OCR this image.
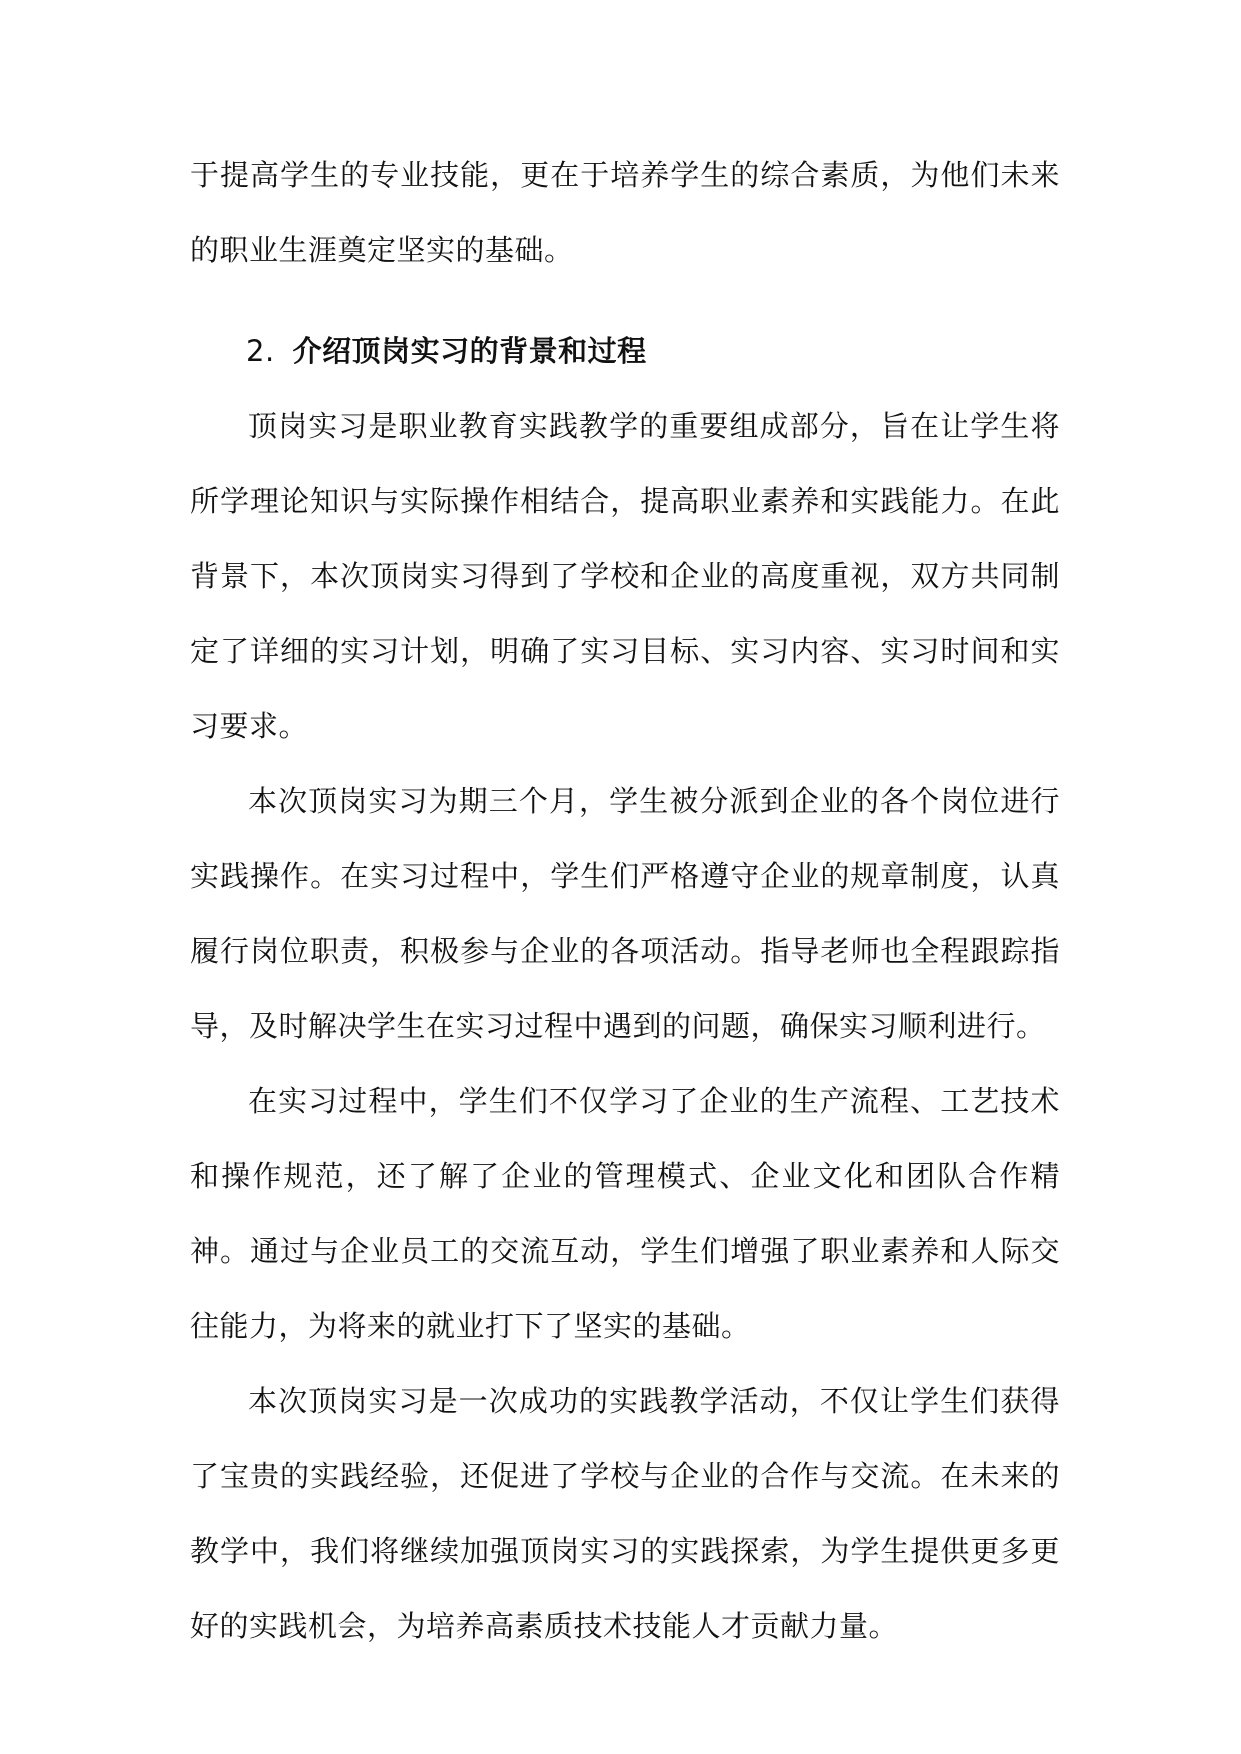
于提高学生的专业技能，更在于培养学生的综合素质，为他们未来的职业生涯奠定坚实的基础。

2. 介绍顶岗实习的背景和过程

顶岗实习是职业教育实践教学的重要组成部分，旨在让学生将所学理论知识与实际操作相结合，提高职业素养和实践能力。在此背景下，本次顶岗实习得到了学校和企业的高度重视，双方共同制定了详细的实习计划，明确了实习目标、实习内容、实习时间和实习要求。

本次顶岗实习为期三个月，学生被分派到企业的各个岗位进行实践操作。在实习过程中，学生们严格遵守企业的规章制度，认真履行岗位职责，积极参与企业的各项活动。指导老师也全程跟踪指导，及时解决学生在实习过程中遇到的问题，确保实习顺利进行。

在实习过程中，学生们不仅学习了企业的生产流程、工艺技术和操作规范，还了解了企业的管理模式、企业文化和团队合作精神。通过与企业员工的交流互动，学生们增强了职业素养和人际交往能力，为将来的就业打下了坚实的基础。

本次顶岗实习是一次成功的实践教学活动，不仅让学生们获得了宝贵的实践经验，还促进了学校与企业的合作与交流。在未来的教学中，我们将继续加强顶岗实习的实践探索，为学生提供更多更好的实践机会，为培养高素质技术技能人才贡献力量。
